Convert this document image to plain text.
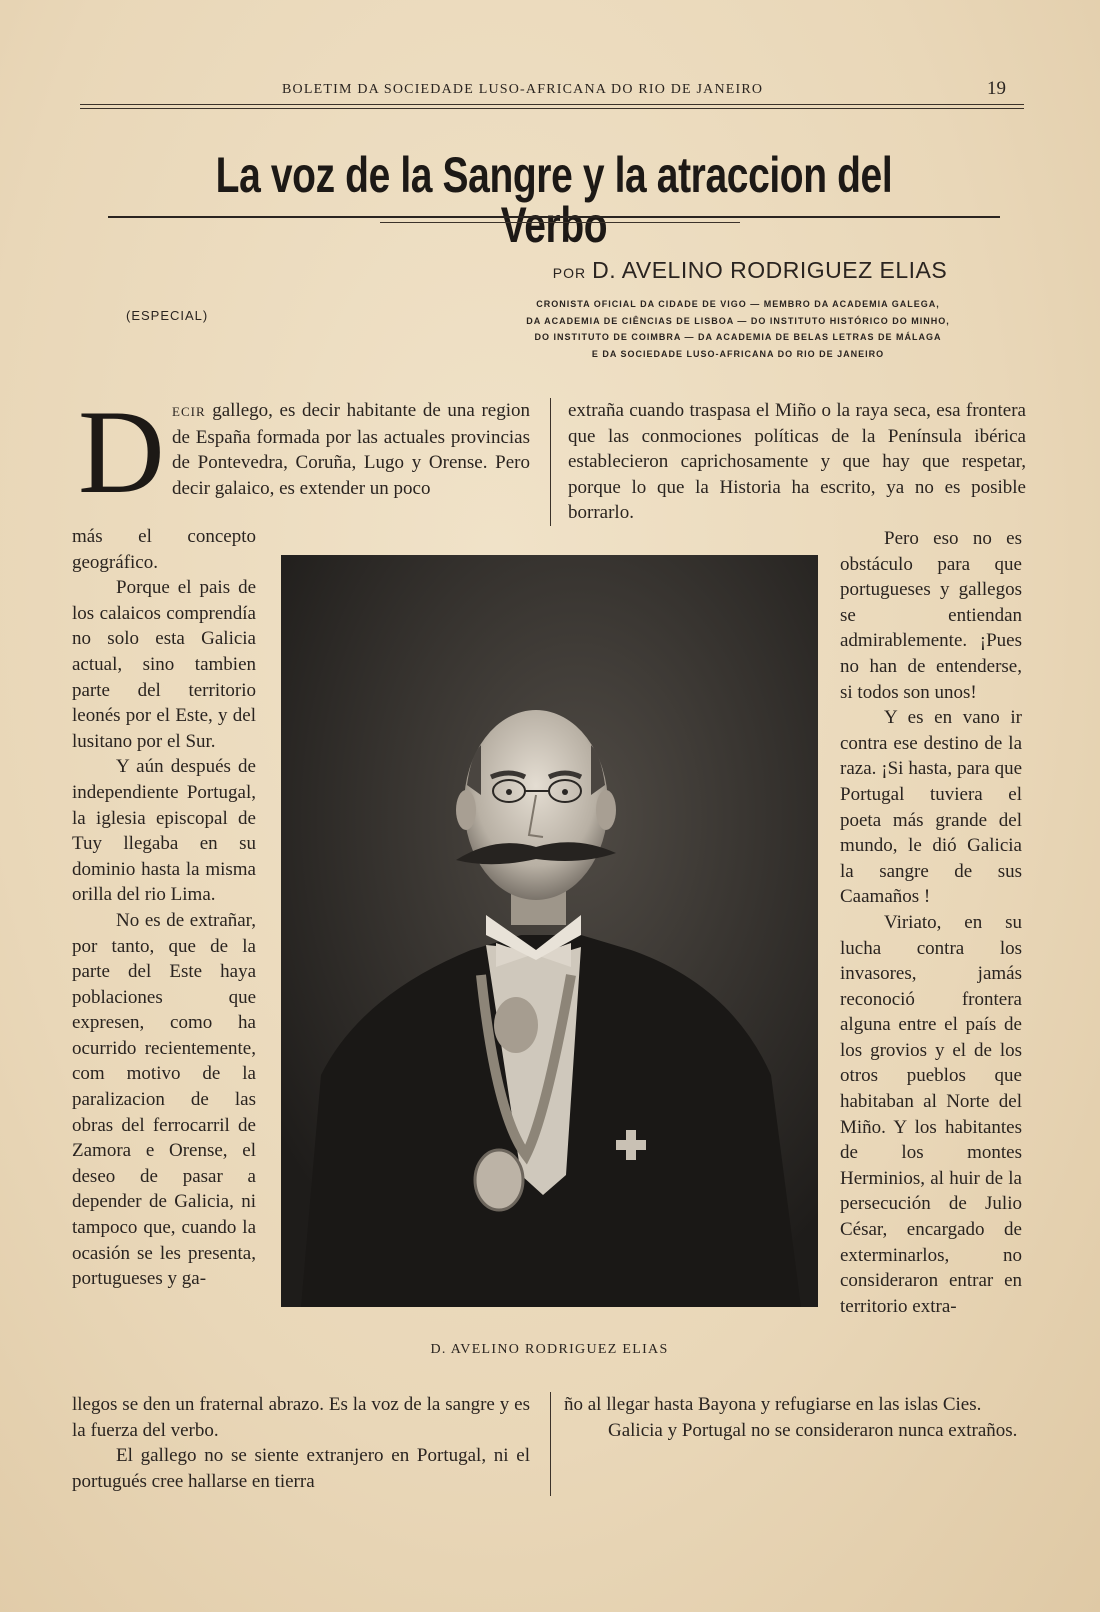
BOLETIM DA SOCIEDADE LUSO-AFRICANA DO RIO DE JANEIRO	19
La voz de la Sangre y la atraccion del Verbo
POR D. AVELINO RODRIGUEZ ELIAS
(ESPECIAL)
CRONISTA OFICIAL DA CIDADE DE VIGO — MEMBRO DA ACADEMIA GALEGA,
DA ACADEMIA DE CIÊNCIAS DE LISBOA — DO INSTITUTO HISTÓRICO DO MINHO,
DO INSTITUTO DE COIMBRA — DA ACADEMIA DE BELAS LETRAS DE MÁLAGA
E DA SOCIEDADE LUSO-AFRICANA DO RIO DE JANEIRO
D ECIR gallego, es decir habitante de una region de España formada por las actuales provincias de Pontevedra, Coruña, Lugo y Orense. Pero decir galaico, es extender un poco

más el concepto geográfico.

Porque el pais de los calaicos comprendía no solo esta Galicia actual, sino tambien parte del territorio leonés por el Este, y del lusitano por el Sur.

Y aún después de independiente Portugal, la iglesia episcopal de Tuy llegaba en su dominio hasta la misma orilla del rio Lima.

No es de extrañar, por tanto, que de la parte del Este haya poblaciones que expresen, como ha ocurrido recientemente, com motivo de la paralizacion de las obras del ferrocarril de Zamora e Orense, el deseo de pasar a depender de Galicia, ni tampoco que, cuando la ocasión se les presenta, portugueses y ga-

llegos se den un fraternal abrazo. Es la voz de la sangre y es la fuerza del verbo.

El gallego no se siente extranjero en Portugal, ni el portugués cree hallarse en tierra

extraña cuando traspasa el Miño o la raya seca, esa frontera que las conmociones políticas de la Península ibérica establecieron caprichosamente y que hay que respetar, porque lo que la Historia ha escrito, ya no es posible borrarlo.

Pero eso no es obstáculo para que portugueses y gallegos se entiendan admirablemente. ¡Pues no han de entenderse, si todos son unos!

Y es en vano ir contra ese destino de la raza. ¡Si hasta, para que Portugal tuviera el poeta más grande del mundo, le dió Galicia la sangre de sus Caamaños !

Viriato, en su lucha contra los invasores, jamás reconoció frontera alguna entre el país de los grovios y el de los otros pueblos que habitaban al Norte del Miño. Y los habitantes de los montes Herminios, al huir de la persecución de Julio César, encargado de exterminarlos, no consideraron entrar en territorio extra-

ño al llegar hasta Bayona y refugiarse en las islas Cies.

Galicia y Portugal no se consideraron nunca extraños.

D. AVELINO RODRIGUEZ ELIAS
